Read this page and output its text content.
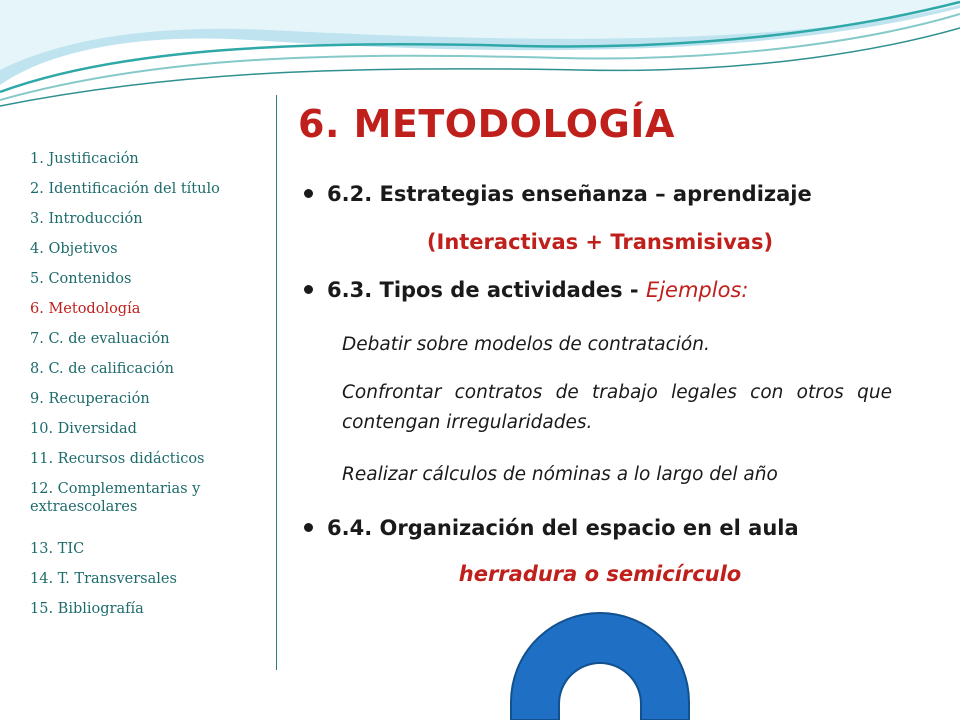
1. Justificación
2. Identificación del título
3. Introducción
4. Objetivos
5. Contenidos
6. Metodología
7. C. de evaluación
8. C. de calificación
9. Recuperación
10. Diversidad
11. Recursos didácticos
12. Complementarias y extraescolares
13. TIC
14. T. Transversales
15. Bibliografía
6. METODOLOGÍA
6.2. Estrategias enseñanza – aprendizaje
(Interactivas + Transmisivas)
6.3. Tipos de actividades - Ejemplos:
Debatir sobre modelos de contratación.
Confrontar contratos de trabajo legales con otros que contengan irregularidades.
Realizar cálculos de nóminas a lo largo del año
6.4. Organización del espacio en el aula
herradura o semicírculo
